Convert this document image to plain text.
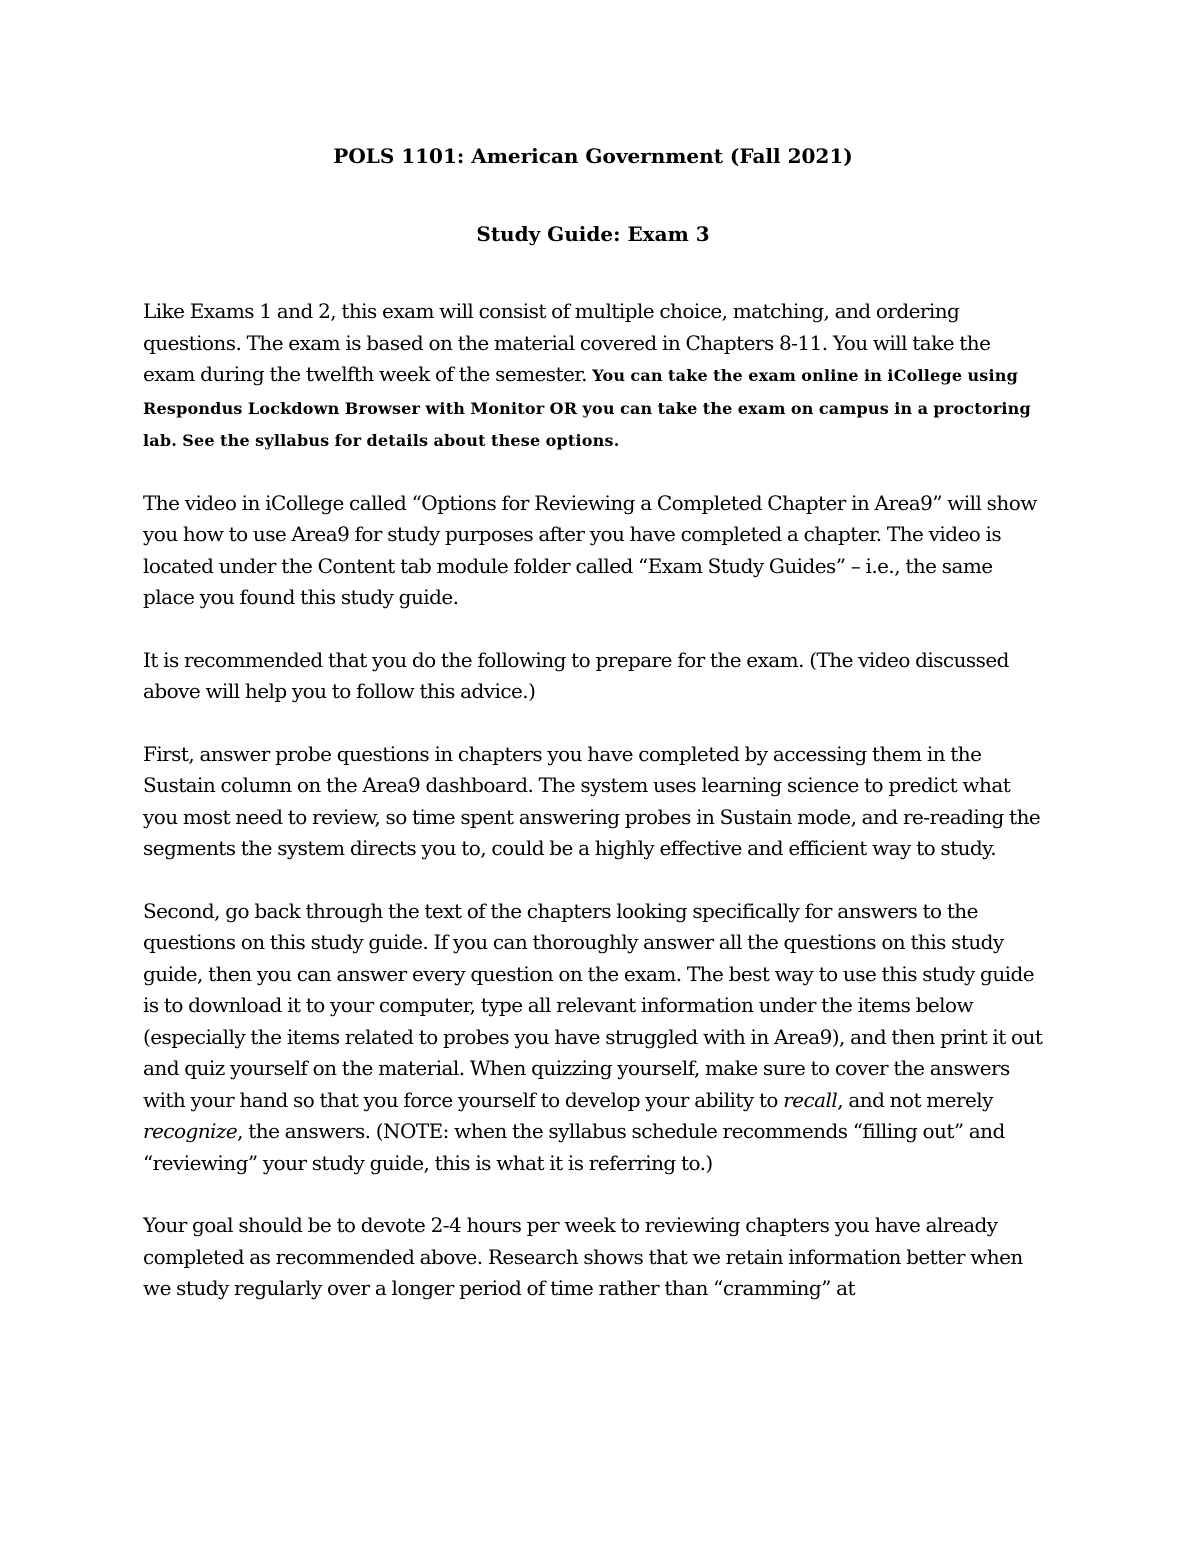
POLS 1101: American Government (Fall 2021)
Study Guide: Exam 3

Like Exams 1 and 2, this exam will consist of multiple choice, matching, and ordering questions. The exam is based on the material covered in Chapters 8-11. You will take the exam during the twelfth week of the semester. You can take the exam online in iCollege using Respondus Lockdown Browser with Monitor OR you can take the exam on campus in a proctoring lab. See the syllabus for details about these options.

The video in iCollege called “Options for Reviewing a Completed Chapter in Area9” will show you how to use Area9 for study purposes after you have completed a chapter. The video is located under the Content tab module folder called “Exam Study Guides” – i.e., the same place you found this study guide.

It is recommended that you do the following to prepare for the exam. (The video discussed above will help you to follow this advice.)

First, answer probe questions in chapters you have completed by accessing them in the Sustain column on the Area9 dashboard. The system uses learning science to predict what you most need to review, so time spent answering probes in Sustain mode, and re-reading the segments the system directs you to, could be a highly effective and efficient way to study.

Second, go back through the text of the chapters looking specifically for answers to the questions on this study guide. If you can thoroughly answer all the questions on this study guide, then you can answer every question on the exam. The best way to use this study guide is to download it to your computer, type all relevant information under the items below (especially the items related to probes you have struggled with in Area9), and then print it out and quiz yourself on the material. When quizzing yourself, make sure to cover the answers with your hand so that you force yourself to develop your ability to recall, and not merely recognize, the answers. (NOTE: when the syllabus schedule recommends “filling out” and “reviewing” your study guide, this is what it is referring to.)

Your goal should be to devote 2-4 hours per week to reviewing chapters you have already completed as recommended above. Research shows that we retain information better when we study regularly over a longer period of time rather than “cramming” at
